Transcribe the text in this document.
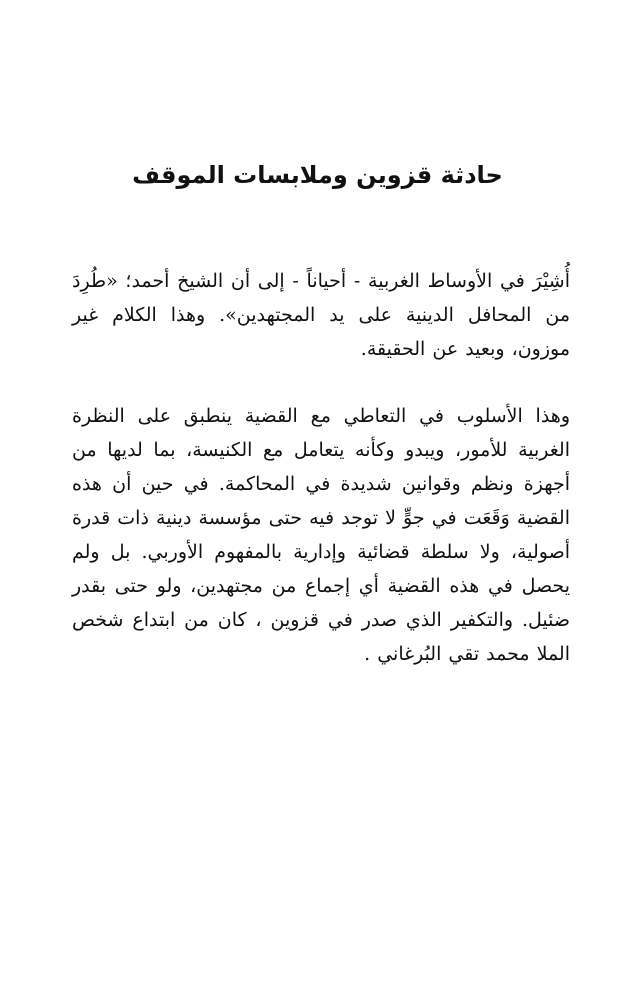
حادثة قزوين وملابسات الموقف

أُشِيْرَ في الأوساط الغربية - أحياناً - إلى أن الشيخ أحمد؛ «طُرِدَ من المحافل الدينية على يد المجتهدين». وهذا الكلام غير موزون، وبعيد عن الحقيقة.

وهذا الأسلوب في التعاطي مع القضية ينطبق على النظرة الغربية للأمور، ويبدو وكأنه يتعامل مع الكنيسة، بما لديها من أجهزة ونظم وقوانين شديدة في المحاكمة. في حين أن هذه القضية وَقَعَت في جوٍّ لا توجد فيه حتى مؤسسة دينية ذات قدرة أصولية، ولا سلطة قضائية وإدارية بالمفهوم الأوربي. بل ولم يحصل في هذه القضية أي إجماع من مجتهدين، ولو حتى بقدر ضئيل. والتكفير الذي صدر في قزوين ، كان من ابتداع شخص الملا محمد تقي البُرغاني .
